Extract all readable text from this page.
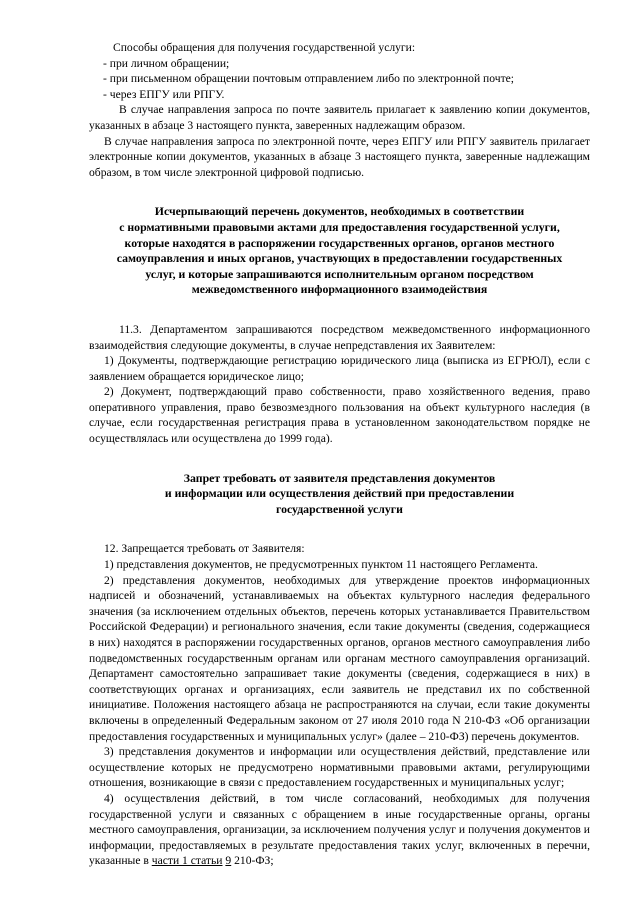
Способы обращения для получения государственной услуги:

- при личном обращении;

- при письменном обращении почтовым отправлением либо по электронной почте;

- через ЕПГУ или РПГУ.

В случае направления запроса по почте заявитель прилагает к заявлению копии документов, указанных в абзаце 3 настоящего пункта, заверенных надлежащим образом.

В случае направления запроса по электронной почте, через ЕПГУ или РПГУ заявитель прилагает электронные копии документов, указанных в абзаце 3 настоящего пункта, заверенные надлежащим образом, в том числе электронной цифровой подписью.

Исчерпывающий перечень документов, необходимых в соответствии
с нормативными правовыми актами для предоставления государственной услуги,
которые находятся в распоряжении государственных органов, органов местного
самоуправления и иных органов, участвующих в предоставлении государственных
услуг, и которые запрашиваются исполнительным органом посредством
межведомственного информационного взаимодействия

11.3. Департаментом запрашиваются посредством межведомственного информационного взаимодействия следующие документы, в случае непредставления их Заявителем:

1) Документы, подтверждающие регистрацию юридического лица (выписка из ЕГРЮЛ), если с заявлением обращается юридическое лицо;

2) Документ, подтверждающий право собственности, право хозяйственного ведения, право оперативного управления, право безвозмездного пользования на объект культурного наследия (в случае, если государственная регистрация права в установленном законодательством порядке не осуществлялась или осуществлена до 1999 года).

Запрет требовать от заявителя представления документов
и информации или осуществления действий при предоставлении
государственной услуги

12. Запрещается требовать от Заявителя:

1) представления документов, не предусмотренных пунктом 11 настоящего Регламента.

2) представления документов, необходимых для утверждение проектов информационных надписей и обозначений, устанавливаемых на объектах культурного наследия федерального значения (за исключением отдельных объектов, перечень которых устанавливается Правительством Российской Федерации) и регионального значения, если такие документы (сведения, содержащиеся в них) находятся в распоряжении государственных органов, органов местного самоуправления либо подведомственных государственным органам или органам местного самоуправления организаций. Департамент самостоятельно запрашивает такие документы (сведения, содержащиеся в них) в соответствующих органах и организациях, если заявитель не представил их по собственной инициативе. Положения настоящего абзаца не распространяются на случаи, если такие документы включены в определенный Федеральным законом от 27 июля 2010 года N 210-ФЗ «Об организации предоставления государственных и муниципальных услуг» (далее – 210-ФЗ) перечень документов.

3) представления документов и информации или осуществления действий, представление или осуществление которых не предусмотрено нормативными правовыми актами, регулирующими отношения, возникающие в связи с предоставлением государственных и муниципальных услуг;

4) осуществления действий, в том числе согласований, необходимых для получения государственной услуги и связанных с обращением в иные государственные органы, органы местного самоуправления, организации, за исключением получения услуг и получения документов и информации, предоставляемых в результате предоставления таких услуг, включенных в перечни, указанные в части 1 статьи 9 210-ФЗ;
